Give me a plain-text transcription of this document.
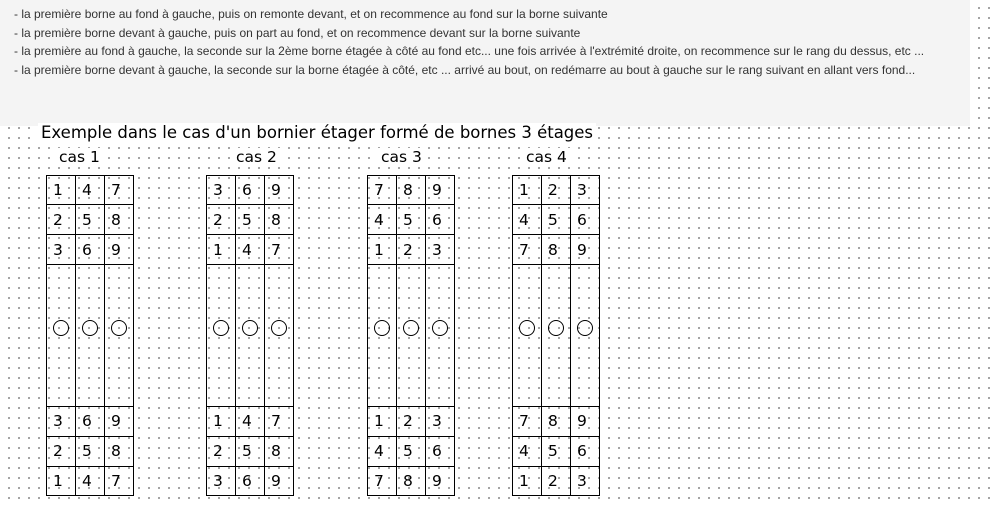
- la première borne au fond à gauche, puis on remonte devant, et on recommence au fond sur la borne suivante

- la première borne devant à gauche, puis on part au fond, et on recommence devant sur la borne suivante

- la première au fond à gauche, la seconde sur la 2ème borne étagée à côté au fond etc... une fois arrivée à l'extrémité droite, on recommence sur le rang du dessus, etc ...

- la première borne devant à gauche, la seconde sur la borne étagée à côté, etc ... arrivé au bout, on redémarre au bout à gauche sur le rang suivant en allant vers fond...

Exemple dans le cas d'un bornier étager formé de bornes 3 étages
cas 1
1
2
3
3
2
1
4
5
6
6
5
4
7
8
9
9
8
7
cas 2
3
2
1
1
2
3
6
5
4
4
5
6
9
8
7
7
8
9
cas 3
7
4
1
1
4
7
8
5
2
2
5
8
9
6
3
3
6
9
cas 4
1
4
7
7
4
1
2
5
8
8
5
2
3
6
9
9
6
3
